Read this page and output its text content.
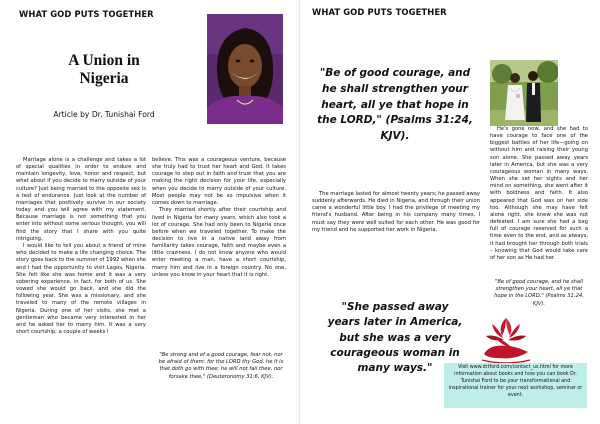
WHAT GOD PUTS TOGETHER
A Union in
Nigeria
Article by Dr. Tunishai Ford

Marriage alone is a challenge and takes a lot of special qualities in order to endure and maintain longevity, love, honor and respect, but what about if you decide to marry outside of your culture? Just being married to the opposite sex is a test of endurance. Just look at the number of marriages that positively survive in our society today and you will agree with my statement. Because marriage is not something that you enter into without some serious thought, you will find the story that I share with you quite intriguing.

I would like to tell you about a friend of mine who decided to make a life changing choice. The story goes back to the summer of 1992 when she and I had the opportunity to visit Lagos, Nigeria. She felt like she was home and it was a very sobering experience, in fact, for both of us. She vowed she would go back, and she did the following year. She was a missionary, and she traveled to many of the remote villages in Nigeria. During one of her visits, she met a gentleman who became very interested in her and he asked her to marry him. It was a very short courtship; a couple of weeks I

believe. This was a courageous venture, because she truly had to trust her heart and God. It takes courage to step out in faith and trust that you are making the right decision for your life, especially when you decide to marry outside of your culture. Most people may not be so impulsive when it comes down to marriage.

They married shortly after their courtship and lived in Nigeria for many years, which also took a lot of courage. She had only been to Nigeria once before when we traveled together. To make the decision to live in a native land away from familiarity takes courage, faith and maybe even a little craziness. I do not know anyone who would enter meeting a man, have a short courtship, marry him and live in a foreign country. No one, unless you know in your heart that it is right.

"Be strong and of a good courage, fear not, nor be afraid of them: for the LORD thy God, he it is that doth go with thee; he will not fail thee, nor forsake thee," (Deuteronomy 31:6, KJV).
WHAT GOD PUTS TOGETHER
"Be of good courage, and he shall strengthen your heart, all ye that hope in the LORD," (Psalms 31:24, KJV).

The marriage lasted for almost twenty years; he passed away suddenly afterwards. He died in Nigeria, and through their union came a wonderful little boy. I had the privilege of meeting my friend's husband. After being in his company many times, I must say they were well suited for each other. He was good for my friend and he supported her work in Nigeria.

"She passed away years later in America, but she was a very courageous woman in many ways."

He's gone now, and she had to have courage to face one of the biggest battles of her life—going on without him and raising their young son alone. She passed away years later in America, but she was a very courageous woman in many ways. When she set her sights and her mind on something, she went after it with boldness and faith. It also appeared that God was on her side too. Although she may have felt alone right, she knew she was not defeated. I am sure she had a bag full of courage reserved for such a time even to the end, and as always, it had brought her through both trials – knowing that God would take care of her son as He had her.

"Be of good courage, and he shall strengthen your heart, all ye that hope in the LORD," (Psalms 31:24, KJV).
Visit www.drtford.com/contact_us.html for more information about books and how you can book Dr. Tunishai Ford to be your transformational and inspirational trainer for your next workshop, seminar or event.
